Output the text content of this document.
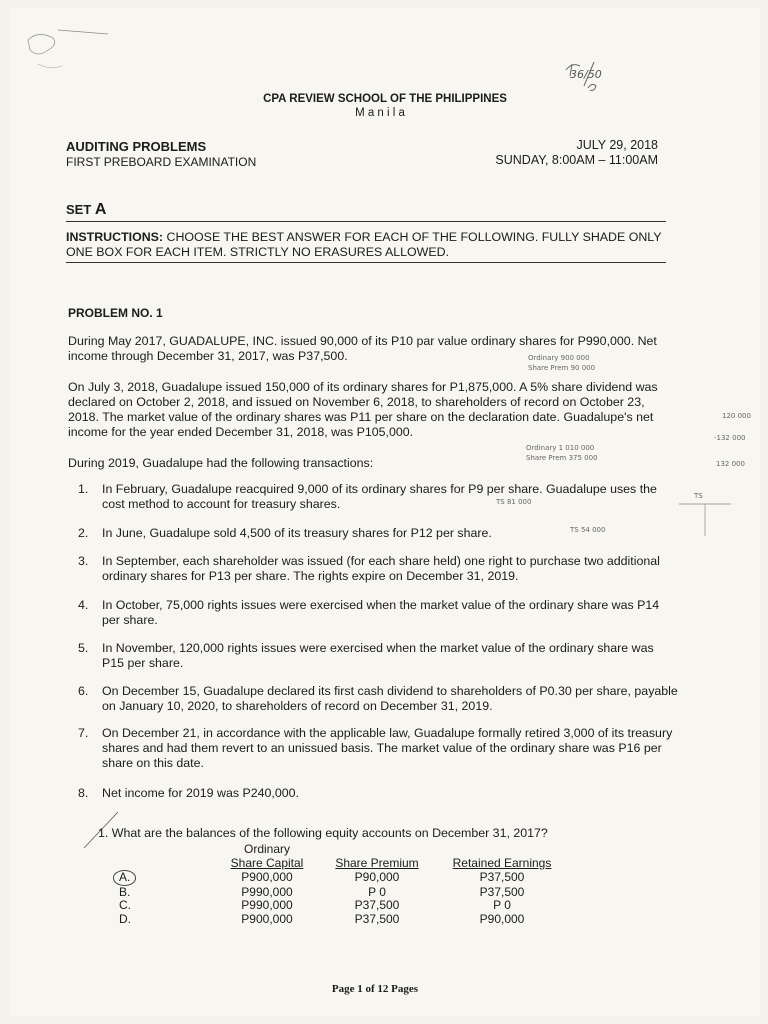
36/50
CPA REVIEW SCHOOL OF THE PHILIPPINES
M a n i l a
AUDITING PROBLEMS
FIRST PREBOARD EXAMINATION
JULY 29, 2018
SUNDAY, 8:00AM – 11:00AM
SET A
INSTRUCTIONS: CHOOSE THE BEST ANSWER FOR EACH OF THE FOLLOWING. FULLY SHADE ONLY ONE BOX FOR EACH ITEM. STRICTLY NO ERASURES ALLOWED.
PROBLEM NO. 1
During May 2017, GUADALUPE, INC. issued 90,000 of its P10 par value ordinary shares for P990,000. Net income through December 31, 2017, was P37,500.
On July 3, 2018, Guadalupe issued 150,000 of its ordinary shares for P1,875,000. A 5% share dividend was declared on October 2, 2018, and issued on November 6, 2018, to shareholders of record on October 23, 2018. The market value of the ordinary shares was P11 per share on the declaration date. Guadalupe's net income for the year ended December 31, 2018, was P105,000.
During 2019, Guadalupe had the following transactions:
1.	In February, Guadalupe reacquired 9,000 of its ordinary shares for P9 per share. Guadalupe uses the cost method to account for treasury shares.
2.	In June, Guadalupe sold 4,500 of its treasury shares for P12 per share.
3.	In September, each shareholder was issued (for each share held) one right to purchase two additional ordinary shares for P13 per share. The rights expire on December 31, 2019.
4.	In October, 75,000 rights issues were exercised when the market value of the ordinary share was P14 per share.
5.	In November, 120,000 rights issues were exercised when the market value of the ordinary share was P15 per share.
6.	On December 15, Guadalupe declared its first cash dividend to shareholders of P0.30 per share, payable on January 10, 2020, to shareholders of record on December 31, 2019.
7.	On December 21, in accordance with the applicable law, Guadalupe formally retired 3,000 of its treasury shares and had them revert to an unissued basis. The market value of the ordinary share was P16 per share on this date.
8.	Net income for 2019 was P240,000.
1. What are the balances of the following equity accounts on December 31, 2017?
	Ordinary		
	Share Capital	Share Premium	Retained Earnings
A.	P900,000	P90,000	P37,500
B.	P990,000	P 0	P37,500
C.	P990,000	P37,500	P 0
D.	P900,000	P37,500	P90,000
Ordinary 900 000
Share Prem 90 000
120 000
-132 000
Ordinary 1 010 000
Share Prem 375 000
132 000
TS 81 000
TS 54 000
TS
Page 1 of 12 Pages
